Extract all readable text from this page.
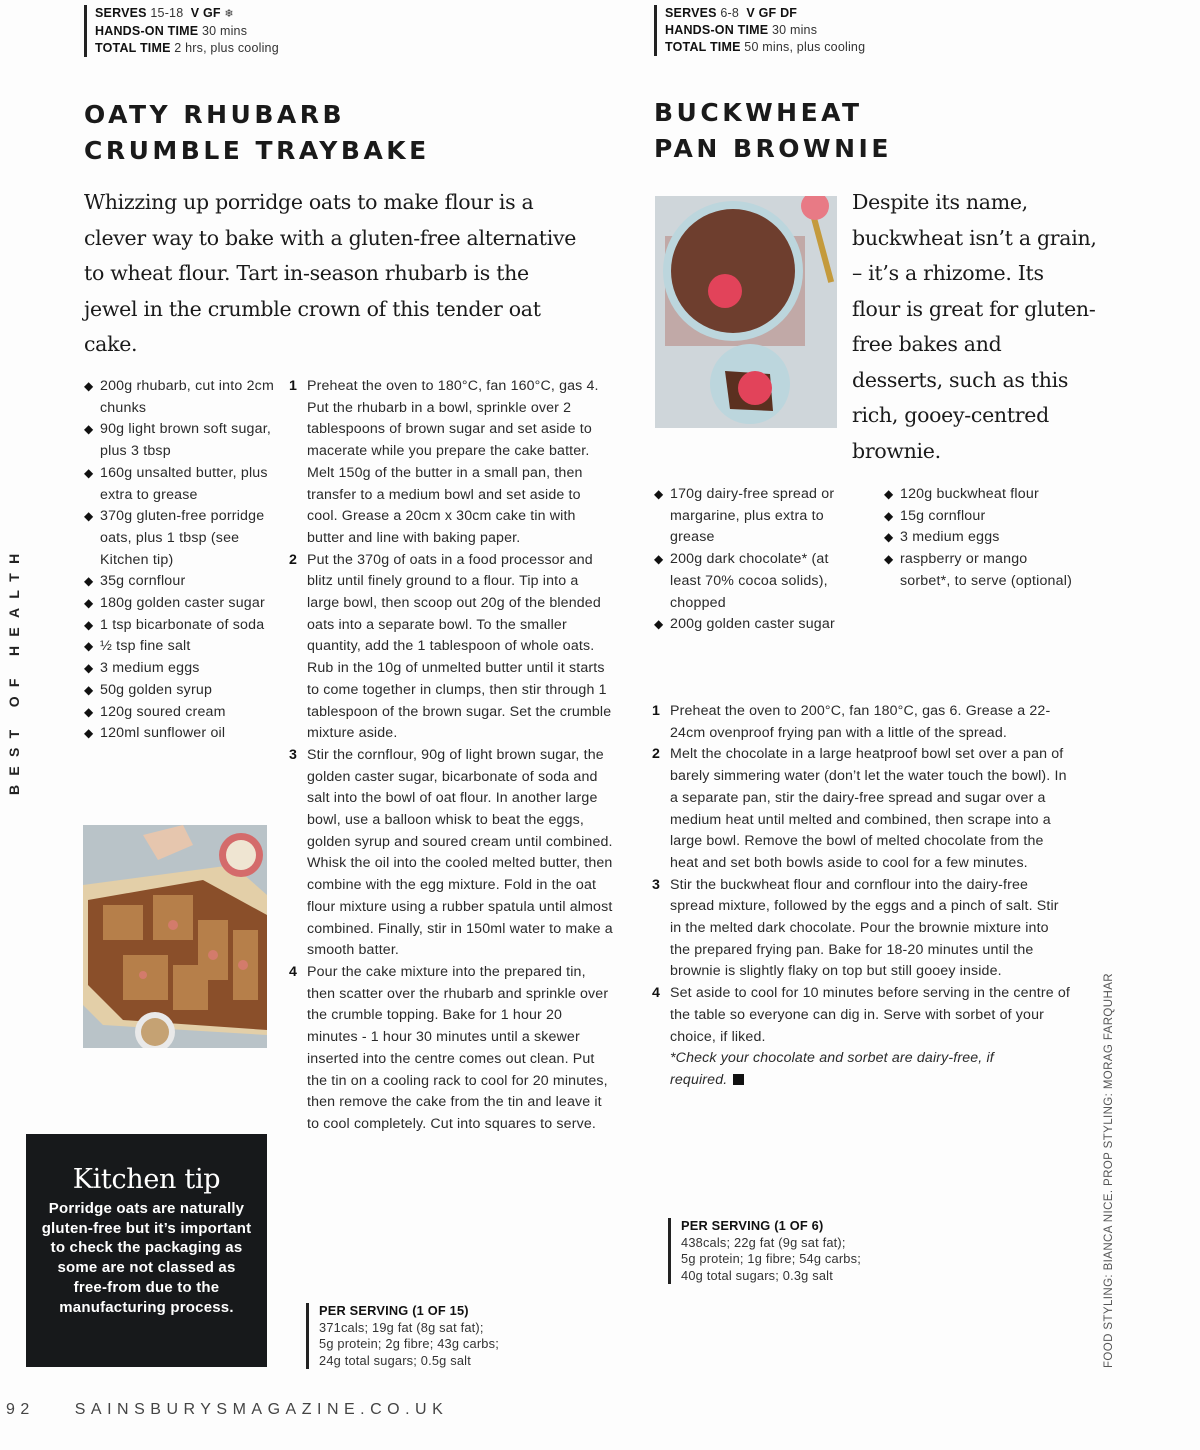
SERVES 15-18 V GF ❄
HANDS-ON TIME 30 mins
TOTAL TIME 2 hrs, plus cooling
SERVES 6-8 V GF DF
HANDS-ON TIME 30 mins
TOTAL TIME 50 mins, plus cooling
OATY RHUBARB
CRUMBLE TRAYBAKE
BUCKWHEAT
PAN BROWNIE
Whizzing up porridge oats to make flour is a clever way to bake with a gluten-free alternative to wheat flour. Tart in-season rhubarb is the jewel in the crumble crown of this tender oat cake.
Despite its name, buckwheat isn’t a grain, – it’s a rhizome. Its flour is great for gluten-free bakes and desserts, such as this rich, gooey-centred brownie.
◆ 200g rhubarb, cut into 2cm chunks
◆ 90g light brown soft sugar, plus 3 tbsp
◆ 160g unsalted butter, plus extra to grease
◆ 370g gluten-free porridge oats, plus 1 tbsp (see Kitchen tip)
◆ 35g cornflour
◆ 180g golden caster sugar
◆ 1 tsp bicarbonate of soda
◆ ½ tsp fine salt
◆ 3 medium eggs
◆ 50g golden syrup
◆ 120g soured cream
◆ 120ml sunflower oil
1 Preheat the oven to 180°C, fan 160°C, gas 4. Put the rhubarb in a bowl, sprinkle over 2 tablespoons of brown sugar and set aside to macerate while you prepare the cake batter. Melt 150g of the butter in a small pan, then transfer to a medium bowl and set aside to cool. Grease a 20cm x 30cm cake tin with butter and line with baking paper.
2 Put the 370g of oats in a food processor and blitz until finely ground to a flour. Tip into a large bowl, then scoop out 20g of the blended oats into a separate bowl. To the smaller quantity, add the 1 tablespoon of whole oats. Rub in the 10g of unmelted butter until it starts to come together in clumps, then stir through 1 tablespoon of the brown sugar. Set the crumble mixture aside.
3 Stir the cornflour, 90g of light brown sugar, the golden caster sugar, bicarbonate of soda and salt into the bowl of oat flour. In another large bowl, use a balloon whisk to beat the eggs, golden syrup and soured cream until combined. Whisk the oil into the cooled melted butter, then combine with the egg mixture. Fold in the oat flour mixture using a rubber spatula until almost combined. Finally, stir in 150ml water to make a smooth batter.
4 Pour the cake mixture into the prepared tin, then scatter over the rhubarb and sprinkle over the crumble topping. Bake for 1 hour 20 minutes - 1 hour 30 minutes until a skewer inserted into the centre comes out clean. Put the tin on a cooling rack to cool for 20 minutes, then remove the cake from the tin and leave it to cool completely. Cut into squares to serve.
Kitchen tip

Porridge oats are naturally gluten-free but it’s important to check the packaging as some are not classed as free-from due to the manufacturing process.	PER SERVING (1 OF 15)
371cals; 19g fat (8g sat fat);
5g protein; 2g fibre; 43g carbs;
24g total sugars; 0.5g salt
◆ 170g dairy-free spread or margarine, plus extra to grease
◆ 200g dark chocolate* (at least 70% cocoa solids), chopped
◆ 200g golden caster sugar
◆ 120g buckwheat flour
◆ 15g cornflour
◆ 3 medium eggs
◆ raspberry or mango sorbet*, to serve (optional)
1 Preheat the oven to 200°C, fan 180°C, gas 6. Grease a 22-24cm ovenproof frying pan with a little of the spread.
2 Melt the chocolate in a large heatproof bowl set over a pan of barely simmering water (don’t let the water touch the bowl). In a separate pan, stir the dairy-free spread and sugar over a medium heat until melted and combined, then scrape into a large bowl. Remove the bowl of melted chocolate from the heat and set both bowls aside to cool for a few minutes.
3 Stir the buckwheat flour and cornflour into the dairy-free spread mixture, followed by the eggs and a pinch of salt. Stir in the melted dark chocolate. Pour the brownie mixture into the prepared frying pan. Bake for 18-20 minutes until the brownie is slightly flaky on top but still gooey inside.
4 Set aside to cool for 10 minutes before serving in the centre of the table so everyone can dig in. Serve with sorbet of your choice, if liked.
*Check your chocolate and sorbet are dairy-free, if required.
PER SERVING (1 OF 6)
438cals; 22g fat (9g sat fat);
5g protein; 1g fibre; 54g carbs;
40g total sugars; 0.3g salt
BEST OF HEALTH
FOOD STYLING: BIANCA NICE. PROP STYLING: MORAG FARQUHAR
92 SAINSBURYSMAGAZINE.CO.UK
